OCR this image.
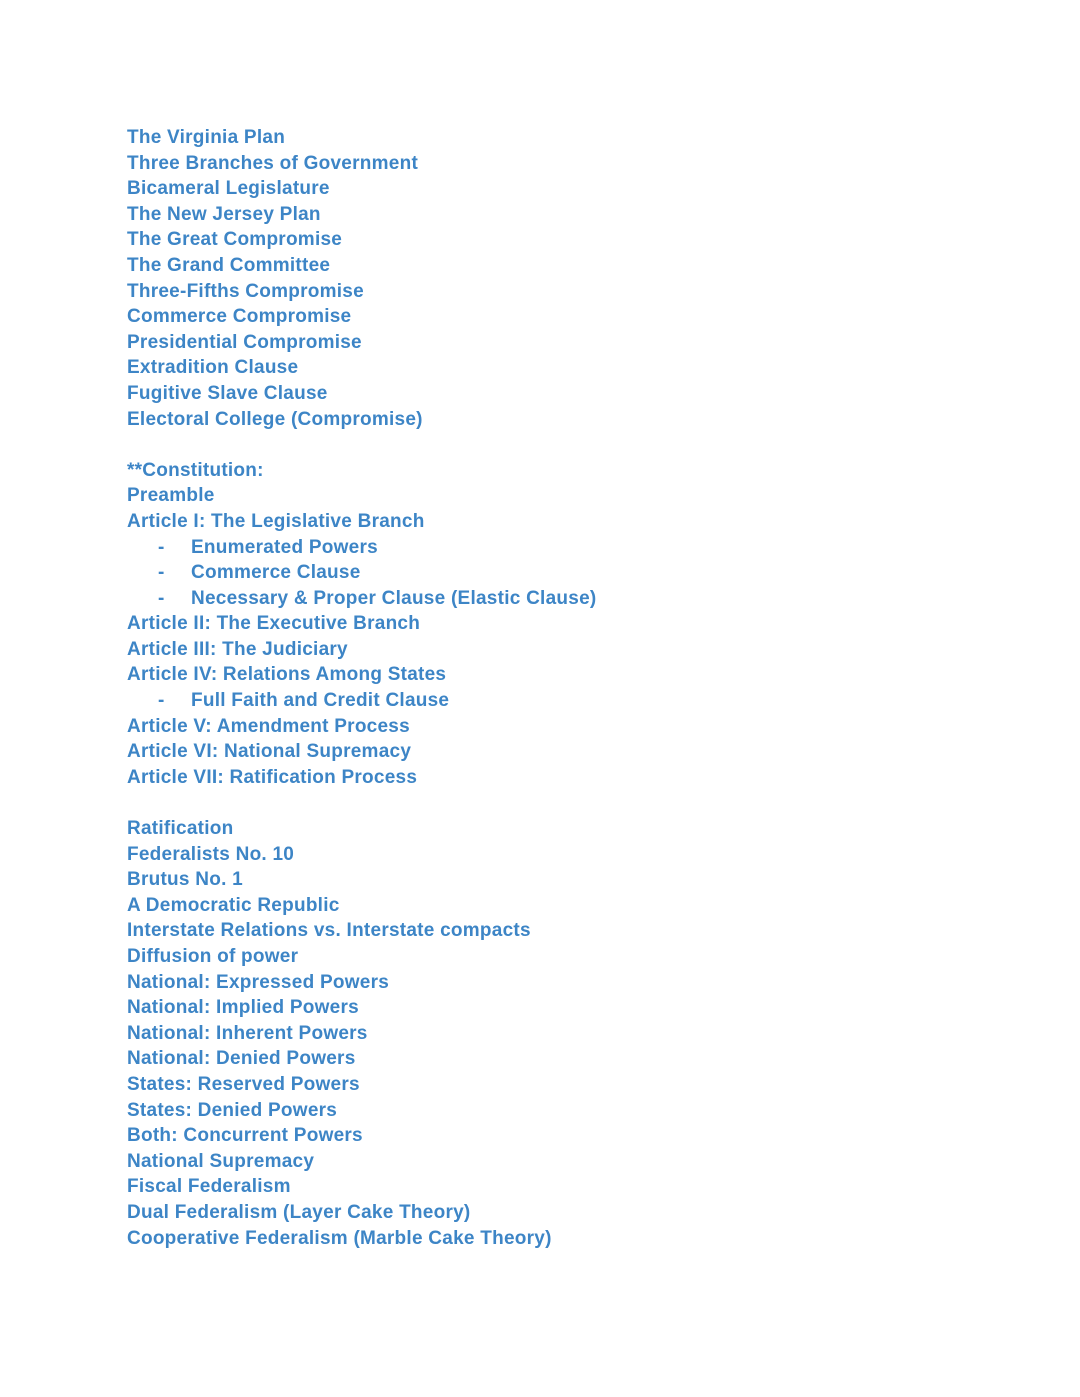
The Virginia Plan
Three Branches of Government
Bicameral Legislature
The New Jersey Plan
The Great Compromise
The Grand Committee
Three-Fifths Compromise
Commerce Compromise
Presidential Compromise
Extradition Clause
Fugitive Slave Clause
Electoral College (Compromise)
**Constitution:
Preamble
Article I: The Legislative Branch
- Enumerated Powers
- Commerce Clause
- Necessary & Proper Clause (Elastic Clause)
Article II: The Executive Branch
Article III: The Judiciary
Article IV: Relations Among States
- Full Faith and Credit Clause
Article V: Amendment Process
Article VI: National Supremacy
Article VII: Ratification Process
Ratification
Federalists No. 10
Brutus No. 1
A Democratic Republic
Interstate Relations vs. Interstate compacts
Diffusion of power
National: Expressed Powers
National: Implied Powers
National: Inherent Powers
National: Denied Powers
States: Reserved Powers
States: Denied Powers
Both: Concurrent Powers
National Supremacy
Fiscal Federalism
Dual Federalism (Layer Cake Theory)
Cooperative Federalism (Marble Cake Theory)
